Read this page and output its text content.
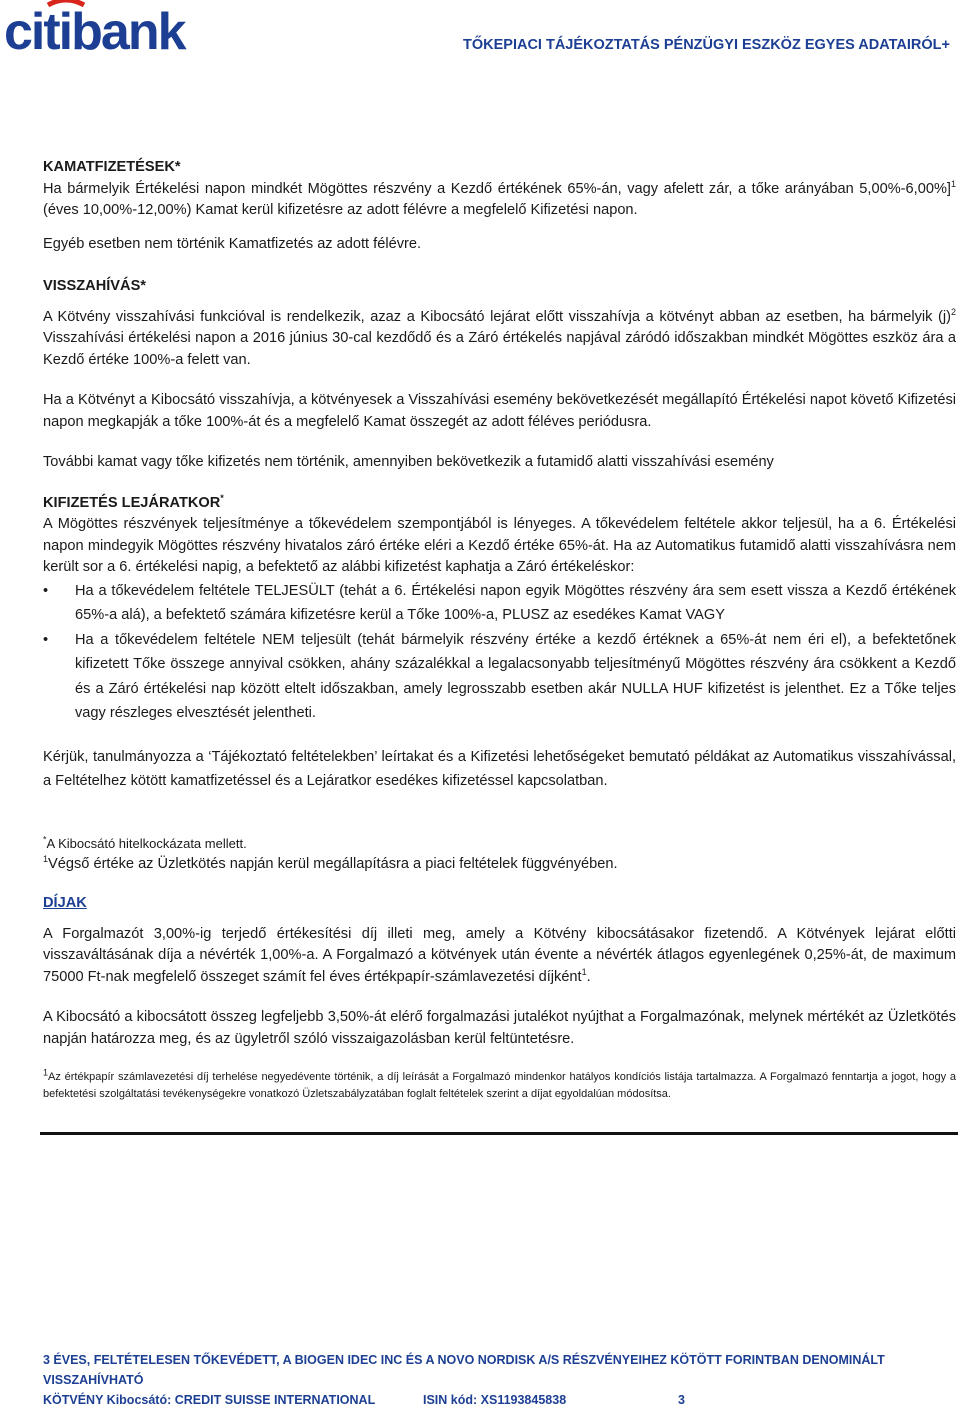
citibank	TŐKEPIACI TÁJÉKOZTATÁS PÉNZÜGYI ESZKÖZ EGYES ADATAIRÓL+

KAMATFIZETÉSEK*

Ha bármelyik Értékelési napon mindkét Mögöttes részvény a Kezdő értékének 65%-án, vagy afelett zár, a tőke arányában 5,00%-6,00%]$^1$ (éves 10,00%-12,00%) Kamat kerül kifizetésre az adott félévre a megfelelő Kifizetési napon.

Egyéb esetben nem történik Kamatfizetés az adott félévre.

VISSZAHÍVÁS*

A Kötvény visszahívási funkcióval is rendelkezik, azaz a Kibocsátó lejárat előtt visszahívja a kötvényt abban az esetben, ha bármelyik $(j)^2$ Visszahívási értékelési napon a 2016 június 30-cal kezdődő és a Záró értékelés napjával záródó időszakban mindkét Mögöttes eszköz ára a Kezdő értéke 100%-a felett van.

Ha a Kötvényt a Kibocsátó visszahívja, a kötvényesek a Visszahívási esemény bekövetkezését megállapító Értékelési napot követő Kifizetési napon megkapják a tőke 100%-át és a megfelelő Kamat összegét az adott féléves periódusra.

További kamat vagy tőke kifizetés nem történik, amennyiben bekövetkezik a futamidő alatti visszahívási esemény

KIFIZETÉS LEJÁRATKOR*

A Mögöttes részvények teljesítménye a tőkevédelem szempontjából is lényeges. A tőkevédelem feltétele akkor teljesül, ha a 6. Értékelési napon mindegyik Mögöttes részvény hivatalos záró értéke eléri a Kezdő értéke 65%-át. Ha az Automatikus futamidő alatti visszahívásra nem került sor a 6. értékelési napig, a befektető az alábbi kifizetést kaphatja a Záró értékeléskor:

• Ha a tőkevédelem feltétele TELJESÜLT (tehát a 6. Értékelési napon egyik Mögöttes részvény ára sem esett vissza a Kezdő értékének 65%-a alá), a befektető számára kifizetésre kerül a Tőke 100%-a, PLUSZ az esedékes Kamat VAGY
• Ha a tőkevédelem feltétele NEM teljesült (tehát bármelyik részvény értéke a kezdő értéknek a 65%-át nem éri el), a befektetőnek kifizetett Tőke összege annyival csökken, ahány százalékkal a legalacsonyabb teljesítményű Mögöttes részvény ára csökkent a Kezdő és a Záró értékelési nap között eltelt időszakban, amely legrosszabb esetben akár NULLA HUF kifizetést is jelenthet. Ez a Tőke teljes vagy részleges elvesztését jelentheti.

Kérjük, tanulmányozza a ‘Tájékoztató feltételekben’ leírtakat és a Kifizetési lehetőségeket bemutató példákat az Automatikus visszahívással, a Feltételhez kötött kamatfizetéssel és a Lejáratkor esedékes kifizetéssel kapcsolatban.

*A Kibocsátó hitelkockázata mellett.

$^1$Végső értéke az Üzletkötés napján kerül megállapításra a piaci feltételek függvényében.

DÍJAK

A Forgalmazót 3,00%-ig terjedő értékesítési díj illeti meg, amely a Kötvény kibocsátásakor fizetendő. A Kötvények lejárat előtti visszaváltásának díja a névérték 1,00%-a. A Forgalmazó a kötvények után évente a névérték átlagos egyenlegének 0,25%-át, de maximum 75000 Ft-nak megfelelő összeget számít fel éves értékpapír-számlavezetési díjként$^1$.

A Kibocsátó a kibocsátott összeg legfeljebb 3,50%-át elérő forgalmazási jutalékot nyújthat a Forgalmazónak, melynek mértékét az Üzletkötés napján határozza meg, és az ügyletről szóló visszaigazolásban kerül feltüntetésre.

$^1$Az értékpapír számlavezetési díj terhelése negyedévente történik, a díj leírását a Forgalmazó mindenkor hatályos kondíciós listája tartalmazza. A Forgalmazó fenntartja a jogot, hogy a befektetési szolgáltatási tevékenységekre vonatkozó Üzletszabályzatában foglalt feltételek szerint a díjat egyoldalúan módosítsa.

3 ÉVES, FELTÉTELESEN TŐKEVÉDETT, A BIOGEN IDEC INC ÉS A NOVO NORDISK A/S RÉSZVÉNYEIHEZ KÖTÖTT FORINTBAN DENOMINÁLT VISSZAHÍVHATÓ
KÖTVÉNY Kibocsátó: CREDIT SUISSE INTERNATIONAL	ISIN kód: XS1193845838	3
